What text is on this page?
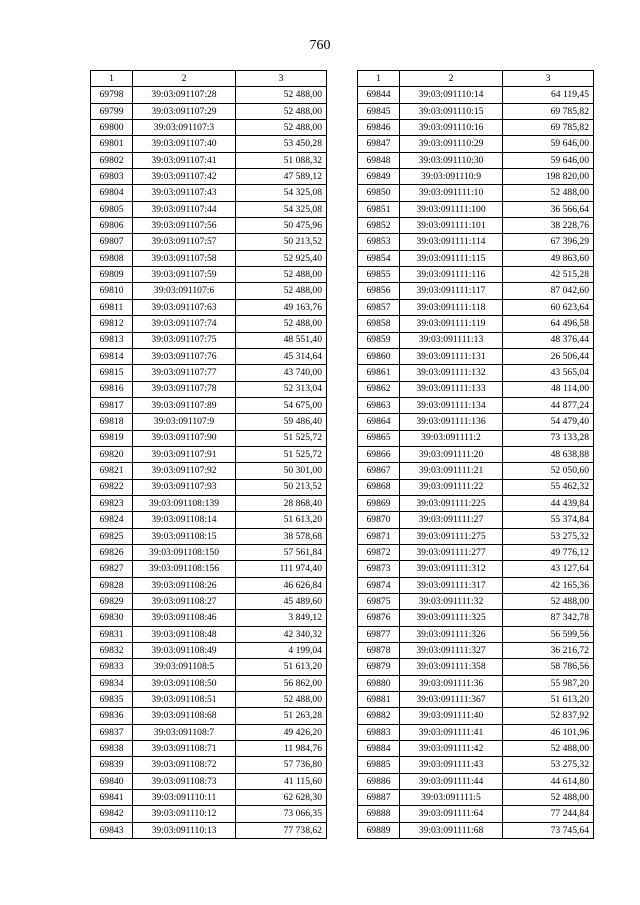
760
1	2	3
69798	39:03:091107:28	52 488,00
69799	39:03:091107:29	52 488,00
69800	39:03:091107:3	52 488,00
69801	39:03:091107:40	53 450,28
69802	39:03:091107:41	51 088,32
69803	39:03:091107:42	47 589,12
69804	39:03:091107:43	54 325,08
69805	39:03:091107:44	54 325,08
69806	39:03:091107:56	50 475,96
69807	39:03:091107:57	50 213,52
69808	39:03:091107:58	52 925,40
69809	39:03:091107:59	52 488,00
69810	39:03:091107:6	52 488,00
69811	39:03:091107:63	49 163,76
69812	39:03:091107:74	52 488,00
69813	39:03:091107:75	48 551,40
69814	39:03:091107:76	45 314,64
69815	39:03:091107:77	43 740,00
69816	39:03:091107:78	52 313,04
69817	39:03:091107:89	54 675,00
69818	39:03:091107:9	59 486,40
69819	39:03:091107:90	51 525,72
69820	39:03:091107:91	51 525,72
69821	39:03:091107:92	50 301,00
69822	39:03:091107:93	50 213,52
69823	39:03:091108:139	28 868,40
69824	39:03:091108:14	51 613,20
69825	39:03:091108:15	38 578,68
69826	39:03:091108:150	57 561,84
69827	39:03:091108:156	111 974,40
69828	39:03:091108:26	46 626,84
69829	39:03:091108:27	45 489,60
69830	39:03:091108:46	3 849,12
69831	39:03:091108:48	42 340,32
69832	39:03:091108:49	4 199,04
69833	39:03:091108:5	51 613,20
69834	39:03:091108:50	56 862,00
69835	39:03:091108:51	52 488,00
69836	39:03:091108:68	51 263,28
69837	39:03:091108:7	49 426,20
69838	39:03:091108:71	11 984,76
69839	39:03:091108:72	57 736,80
69840	39:03:091108:73	41 115,60
69841	39:03:091110:11	62 628,30
69842	39:03:091110:12	73 066,35
69843	39:03:091110:13	77 738,62
1	2	3
69844	39:03:091110:14	64 119,45
69845	39:03:091110:15	69 785,82
69846	39:03:091110:16	69 785,82
69847	39:03:091110:29	59 646,00
69848	39:03:091110:30	59 646,00
69849	39:03:091110:9	198 820,00
69850	39:03:091111:10	52 488,00
69851	39:03:091111:100	36 566,64
69852	39:03:091111:101	38 228,76
69853	39:03:091111:114	67 396,29
69854	39:03:091111:115	49 863,60
69855	39:03:091111:116	42 515,28
69856	39:03:091111:117	87 042,60
69857	39:03:091111:118	60 623,64
69858	39:03:091111:119	64 496,58
69859	39:03:091111:13	48 376,44
69860	39:03:091111:131	26 506,44
69861	39:03:091111:132	43 565,04
69862	39:03:091111:133	48 114,00
69863	39:03:091111:134	44 877,24
69864	39:03:091111:136	54 479,40
69865	39:03:091111:2	73 133,28
69866	39:03:091111:20	48 638,88
69867	39:03:091111:21	52 050,60
69868	39:03:091111:22	55 462,32
69869	39:03:091111:225	44 439,84
69870	39:03:091111:27	55 374,84
69871	39:03:091111:275	53 275,32
69872	39:03:091111:277	49 776,12
69873	39:03:091111:312	43 127,64
69874	39:03:091111:317	42 165,36
69875	39:03:091111:32	52 488,00
69876	39:03:091111:325	87 342,78
69877	39:03:091111:326	56 599,56
69878	39:03:091111:327	36 216,72
69879	39:03:091111:358	58 786,56
69880	39:03:091111:36	55 987,20
69881	39:03:091111:367	51 613,20
69882	39:03:091111:40	52 837,92
69883	39:03:091111:41	46 101,96
69884	39:03:091111:42	52 488,00
69885	39:03:091111:43	53 275,32
69886	39:03:091111:44	44 614,80
69887	39:03:091111:5	52 488,00
69888	39:03:091111:64	77 244,84
69889	39:03:091111:68	73 745,64
